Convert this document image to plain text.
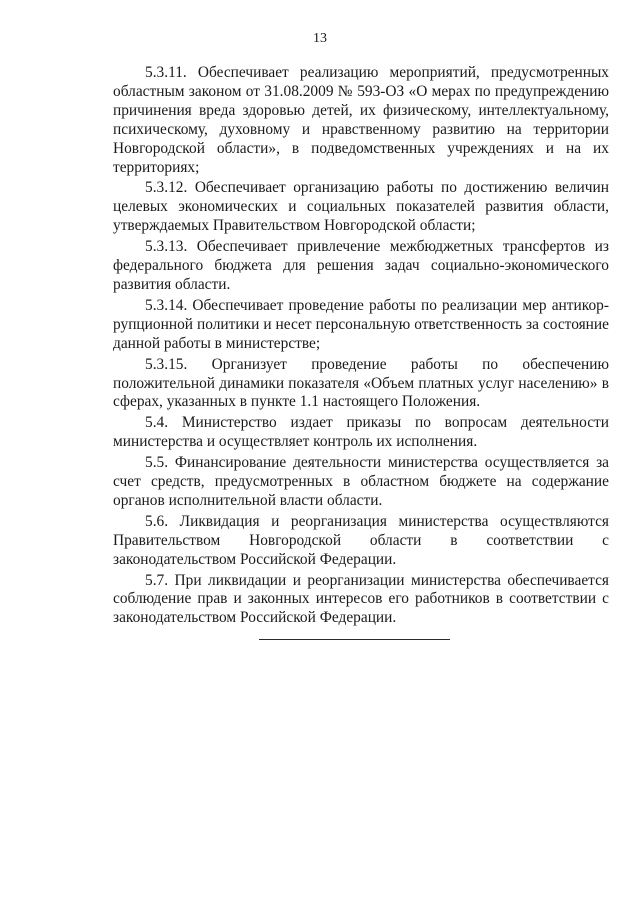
13

5.3.11. Обеспечивает реализацию мероприятий, предусмотренных областным законом от 31.08.2009 № 593-ОЗ «О мерах по предупреждению причинения вреда здоровью детей, их физическому, интеллектуальному, психическому, духовному и нравственному развитию на территории Новгородской области», в подведомственных учреждениях и на их территориях;

5.3.12. Обеспечивает организацию работы по достижению величин целевых экономических и социальных показателей развития области, утверждаемых Правительством Новгородской области;

5.3.13. Обеспечивает привлечение межбюджетных трансфертов из федерального бюджета для решения задач социально-экономического развития области.

5.3.14. Обеспечивает проведение работы по реализации мер антикоррупционной политики и несет персональную ответственность за состояние данной работы в министерстве;

5.3.15. Организует проведение работы по обеспечению положительной динамики показателя «Объем платных услуг населению» в сферах, указанных в пункте 1.1 настоящего Положения.

5.4. Министерство издает приказы по вопросам деятельности министерства и осуществляет контроль их исполнения.

5.5. Финансирование деятельности министерства осуществляется за счет средств, предусмотренных в областном бюджете на содержание органов исполнительной власти области.

5.6. Ликвидация и реорганизация министерства осуществляются Правительством Новгородской области в соответствии с законодательством Российской Федерации.

5.7. При ликвидации и реорганизации министерства обеспечивается соблюдение прав и законных интересов его работников в соответствии с законодательством Российской Федерации.
